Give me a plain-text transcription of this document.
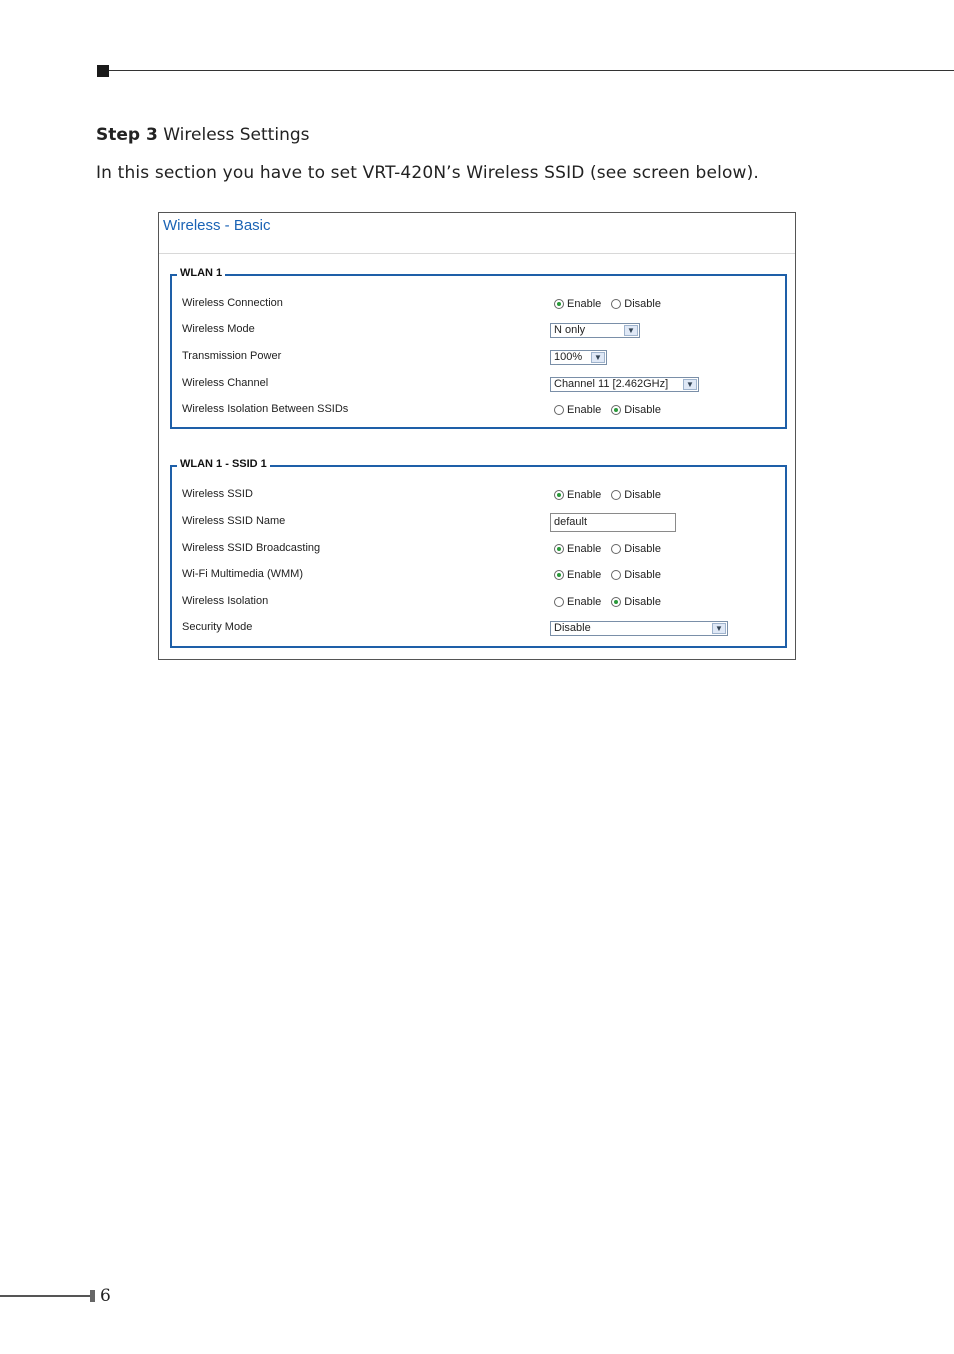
Step 3 Wireless Settings
In this section you have to set VRT-420N’s Wireless SSID (see screen below).
Wireless - Basic
WLAN 1
Wireless Connection	Enable Disable
Wireless Mode	N only	▼
Transmission Power	100%	▼
Wireless Channel	Channel 11 [2.462GHz]	▼
Wireless Isolation Between SSIDs	Enable Disable
WLAN 1 - SSID 1
Wireless SSID	Enable Disable
Wireless SSID Name	default
Wireless SSID Broadcasting	Enable Disable
Wi-Fi Multimedia (WMM)	Enable Disable
Wireless Isolation	Enable Disable
Security Mode	Disable	▼
6
